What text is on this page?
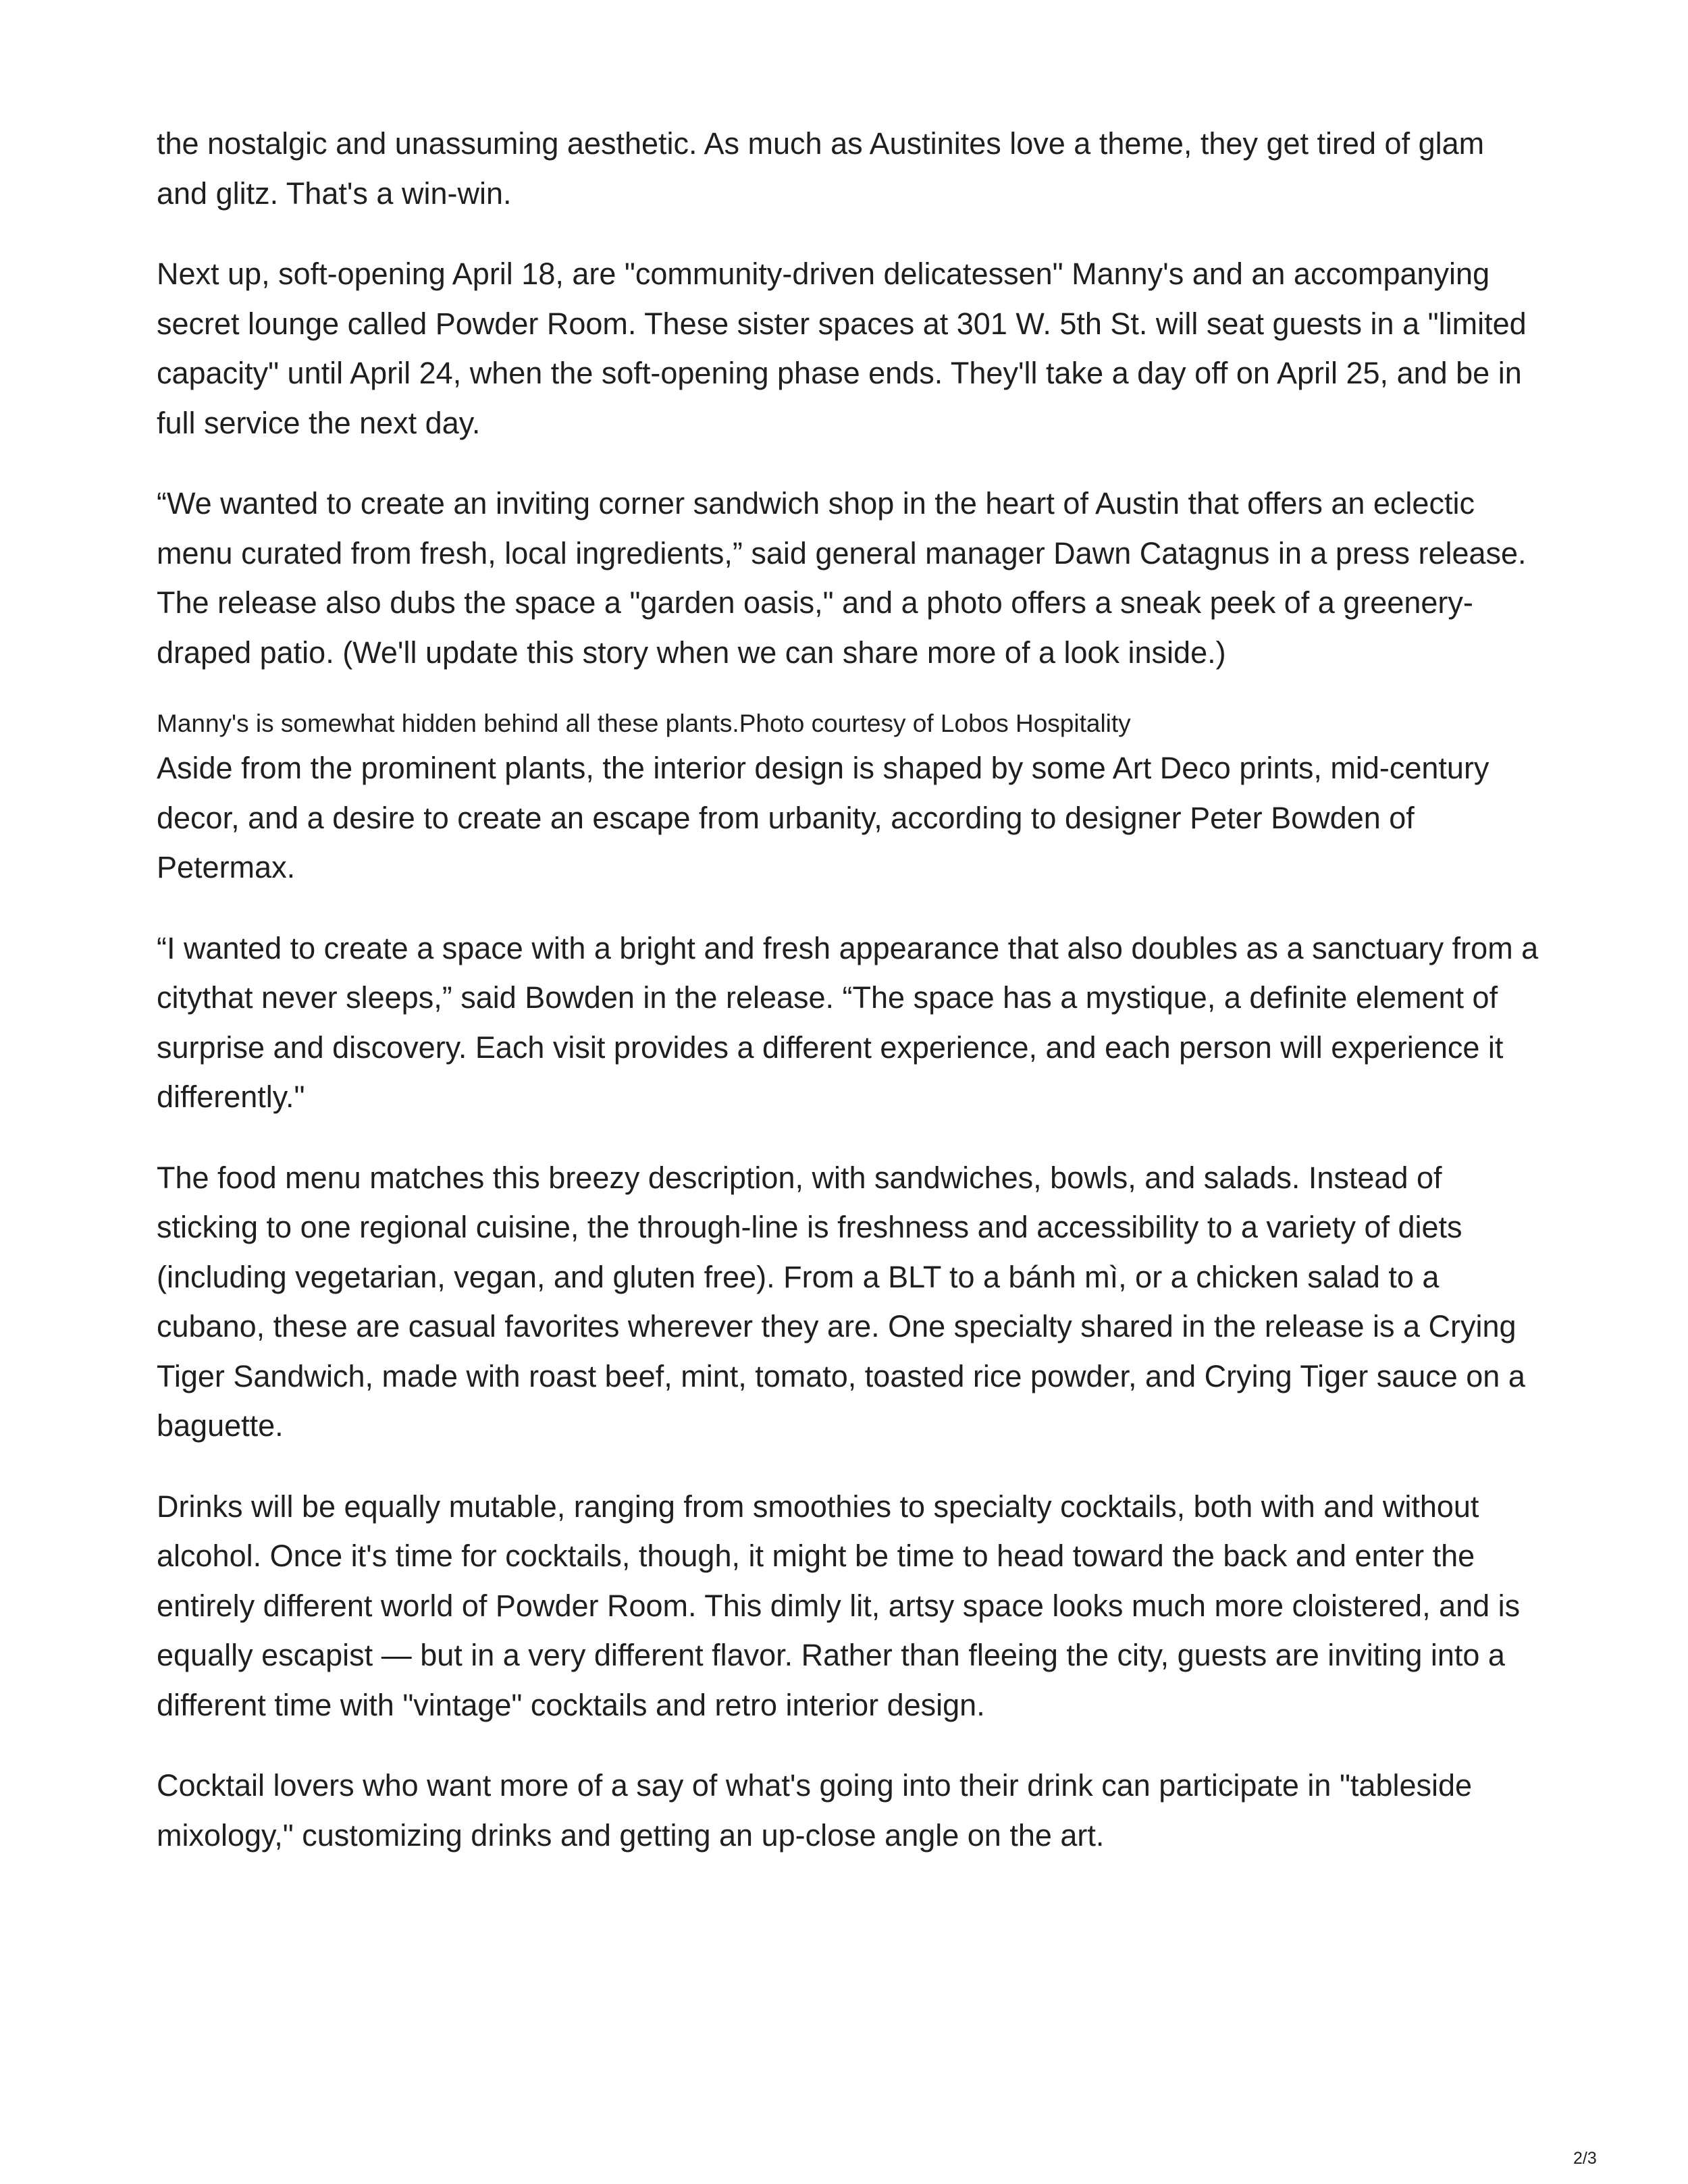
the nostalgic and unassuming aesthetic. As much as Austinites love a theme, they get tired of glam and glitz. That's a win-win.

Next up, soft-opening April 18, are "community-driven delicatessen" Manny's and an accompanying secret lounge called Powder Room. These sister spaces at 301 W. 5th St. will seat guests in a "limited capacity" until April 24, when the soft-opening phase ends. They'll take a day off on April 25, and be in full service the next day.

“We wanted to create an inviting corner sandwich shop in the heart of Austin that offers an eclectic menu curated from fresh, local ingredients,” said general manager Dawn Catagnus in a press release. The release also dubs the space a "garden oasis," and a photo offers a sneak peek of a greenery-draped patio. (We'll update this story when we can share more of a look inside.)

Manny's is somewhat hidden behind all these plants.Photo courtesy of Lobos Hospitality

Aside from the prominent plants, the interior design is shaped by some Art Deco prints, mid-century decor, and a desire to create an escape from urbanity, according to designer Peter Bowden of Petermax.

“I wanted to create a space with a bright and fresh appearance that also doubles as a sanctuary from a citythat never sleeps,” said Bowden in the release. “The space has a mystique, a definite element of surprise and discovery. Each visit provides a different experience, and each person will experience it differently."

The food menu matches this breezy description, with sandwiches, bowls, and salads. Instead of sticking to one regional cuisine, the through-line is freshness and accessibility to a variety of diets (including vegetarian, vegan, and gluten free). From a BLT to a bánh mì, or a chicken salad to a cubano, these are casual favorites wherever they are. One specialty shared in the release is a Crying Tiger Sandwich, made with roast beef, mint, tomato, toasted rice powder, and Crying Tiger sauce on a baguette.

Drinks will be equally mutable, ranging from smoothies to specialty cocktails, both with and without alcohol. Once it's time for cocktails, though, it might be time to head toward the back and enter the entirely different world of Powder Room. This dimly lit, artsy space looks much more cloistered, and is equally escapist — but in a very different flavor. Rather than fleeing the city, guests are inviting into a different time with "vintage" cocktails and retro interior design.

Cocktail lovers who want more of a say of what's going into their drink can participate in "tableside mixology," customizing drinks and getting an up-close angle on the art.

2/3
